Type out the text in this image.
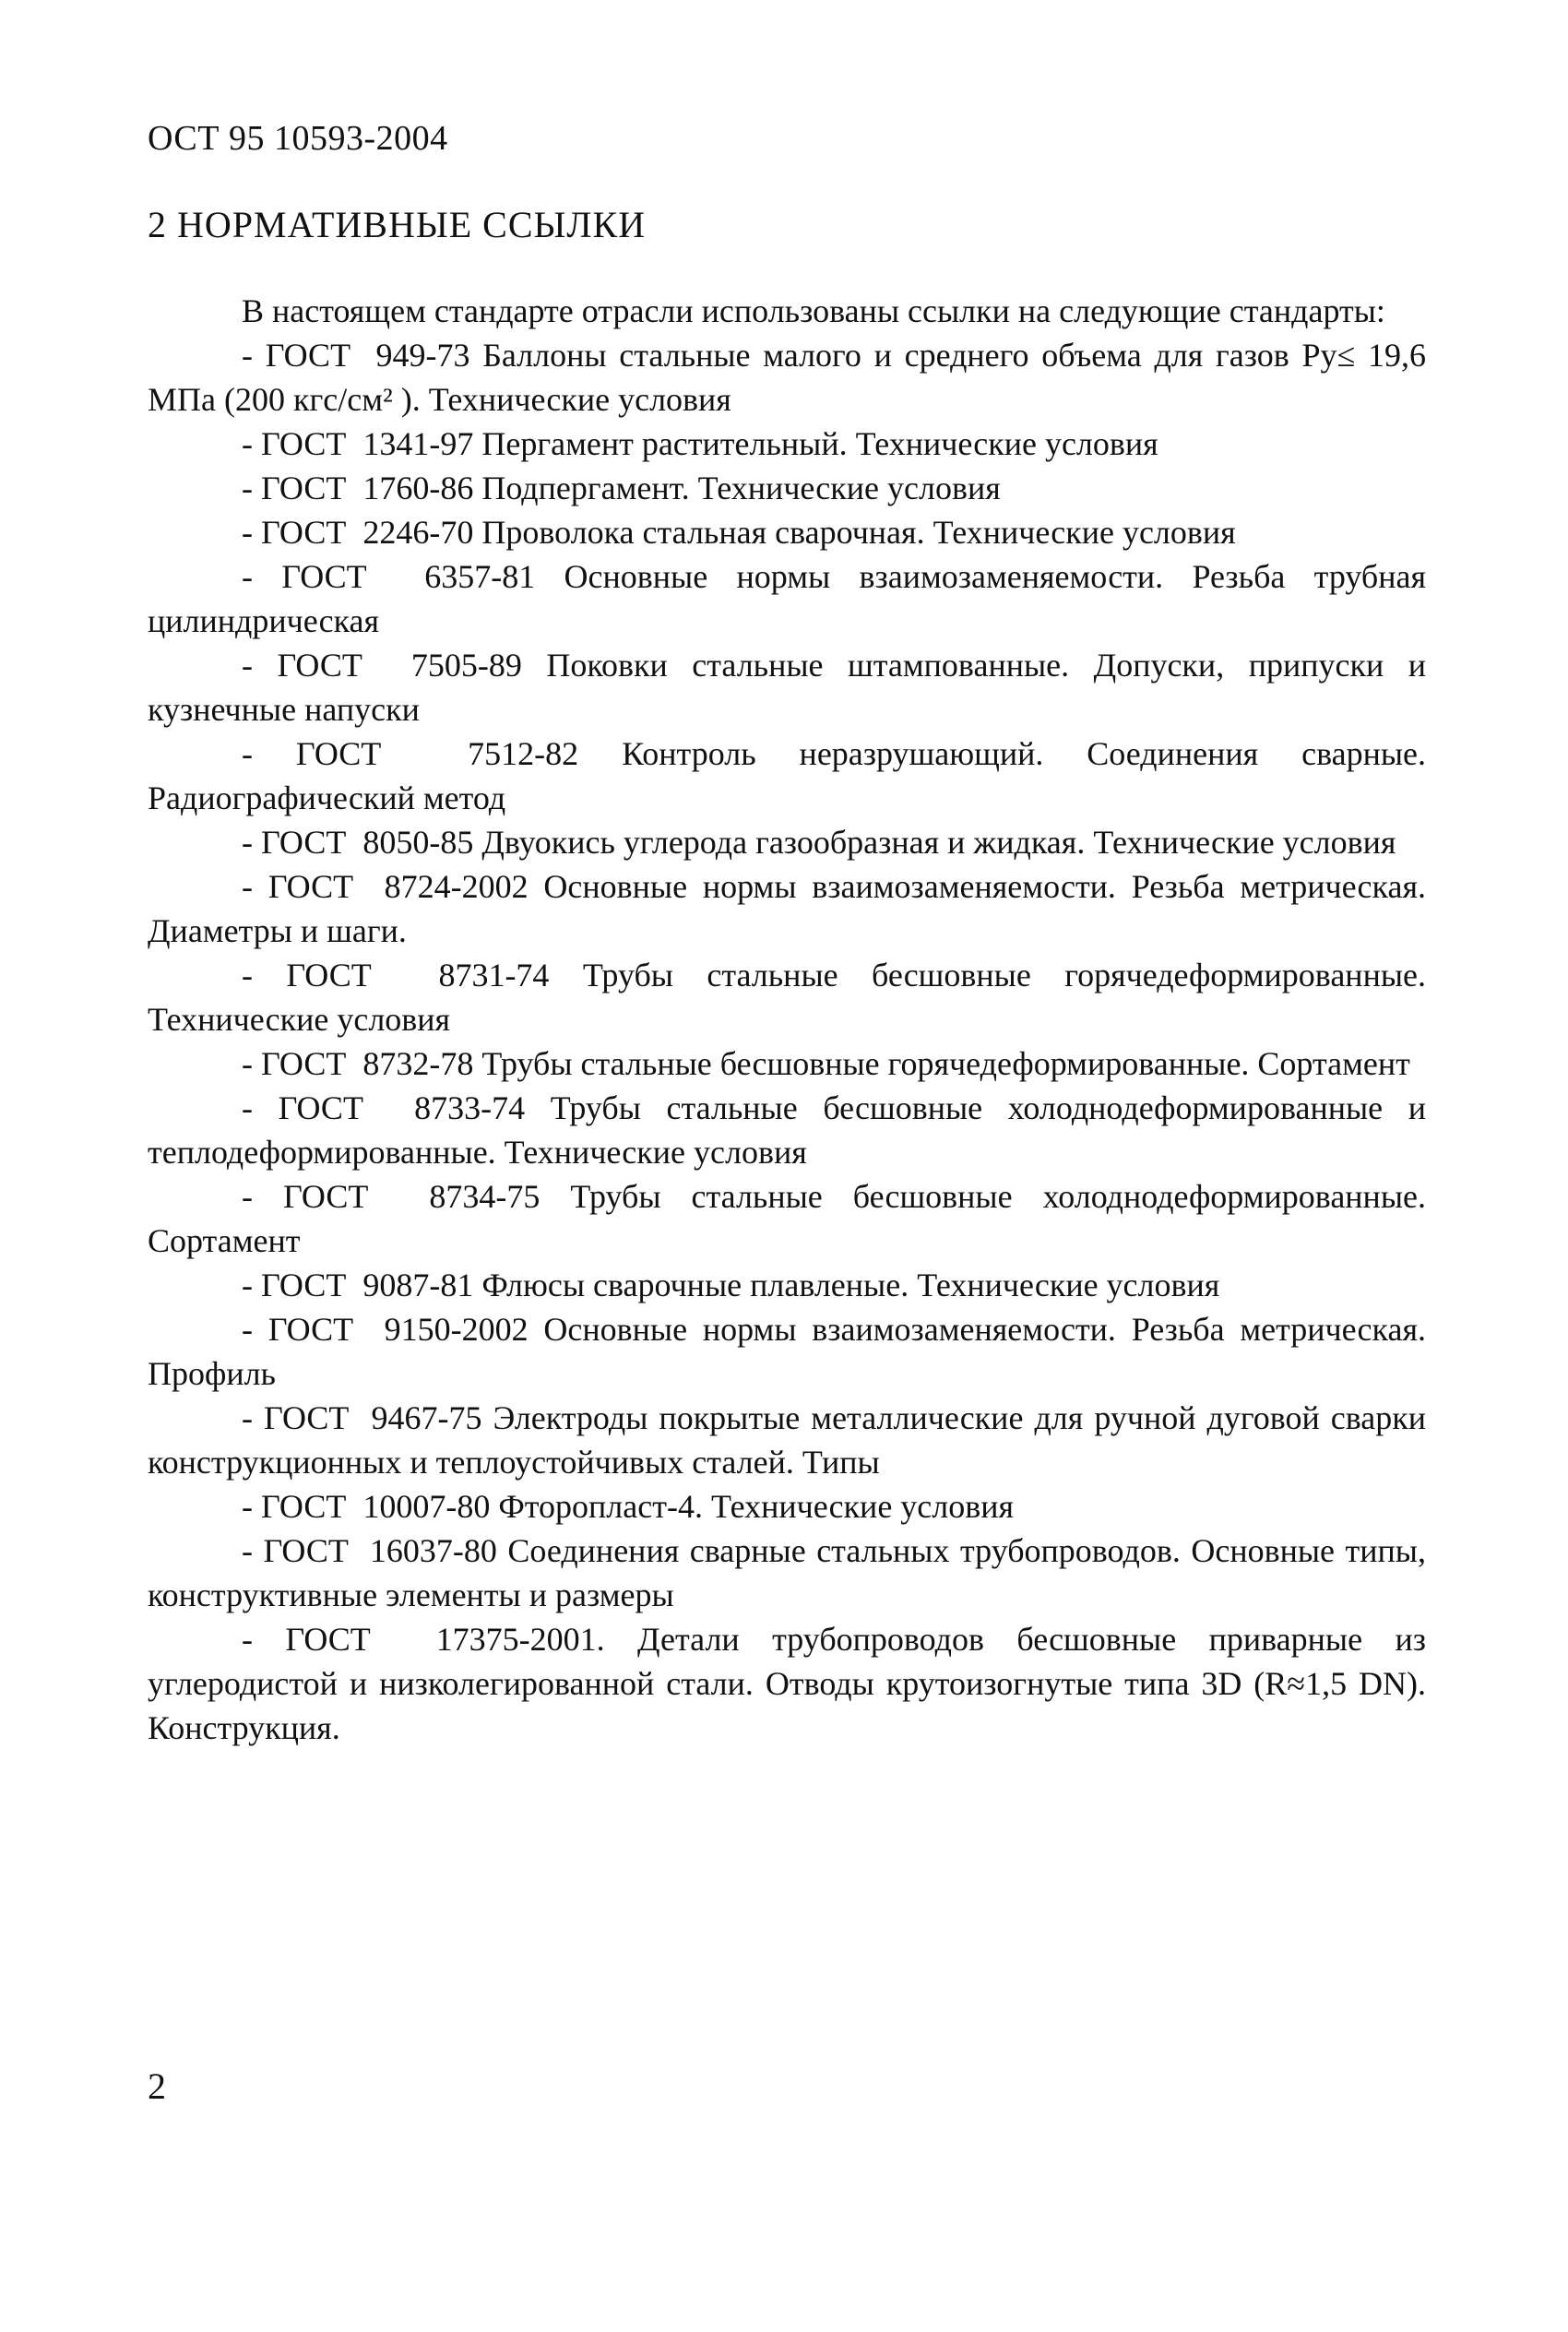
ОСТ 95 10593-2004
2 НОРМАТИВНЫЕ ССЫЛКИ

В настоящем стандарте отрасли использованы ссылки на следующие стандарты:

- ГОСТ  949-73 Баллоны стальные малого и среднего объема для газов Ру≤ 19,6 МПа (200 кгс/см² ). Технические условия

- ГОСТ  1341-97 Пергамент растительный. Технические условия

- ГОСТ  1760-86 Подпергамент. Технические условия

- ГОСТ  2246-70 Проволока стальная сварочная. Технические условия

- ГОСТ  6357-81 Основные нормы взаимозаменяемости. Резьба трубная цилиндрическая

- ГОСТ  7505-89 Поковки стальные штампованные. Допуски, припуски и кузнечные напуски

- ГОСТ  7512-82 Контроль неразрушающий. Соединения сварные. Радиографический метод

- ГОСТ  8050-85 Двуокись углерода газообразная и жидкая. Технические условия

- ГОСТ  8724-2002 Основные нормы взаимозаменяемости. Резьба метрическая. Диаметры и шаги.

- ГОСТ  8731-74 Трубы стальные бесшовные горячедеформированные. Технические условия

- ГОСТ  8732-78 Трубы стальные бесшовные горячедеформированные. Сортамент

- ГОСТ  8733-74 Трубы стальные бесшовные холоднодеформированные и теплодеформированные. Технические условия

- ГОСТ  8734-75 Трубы стальные бесшовные холоднодеформированные. Сортамент

- ГОСТ  9087-81 Флюсы сварочные плавленые. Технические условия

- ГОСТ  9150-2002 Основные нормы взаимозаменяемости. Резьба метрическая. Профиль

- ГОСТ  9467-75 Электроды покрытые металлические для ручной дуговой сварки конструкционных и теплоустойчивых сталей. Типы

- ГОСТ  10007-80 Фторопласт-4. Технические условия

- ГОСТ  16037-80 Соединения сварные стальных трубопроводов. Основные типы, конструктивные элементы и размеры

- ГОСТ  17375-2001. Детали трубопроводов бесшовные приварные из углеродистой и низколегированной стали. Отводы крутоизогнутые типа 3D (R≈1,5 DN). Конструкция.

2
